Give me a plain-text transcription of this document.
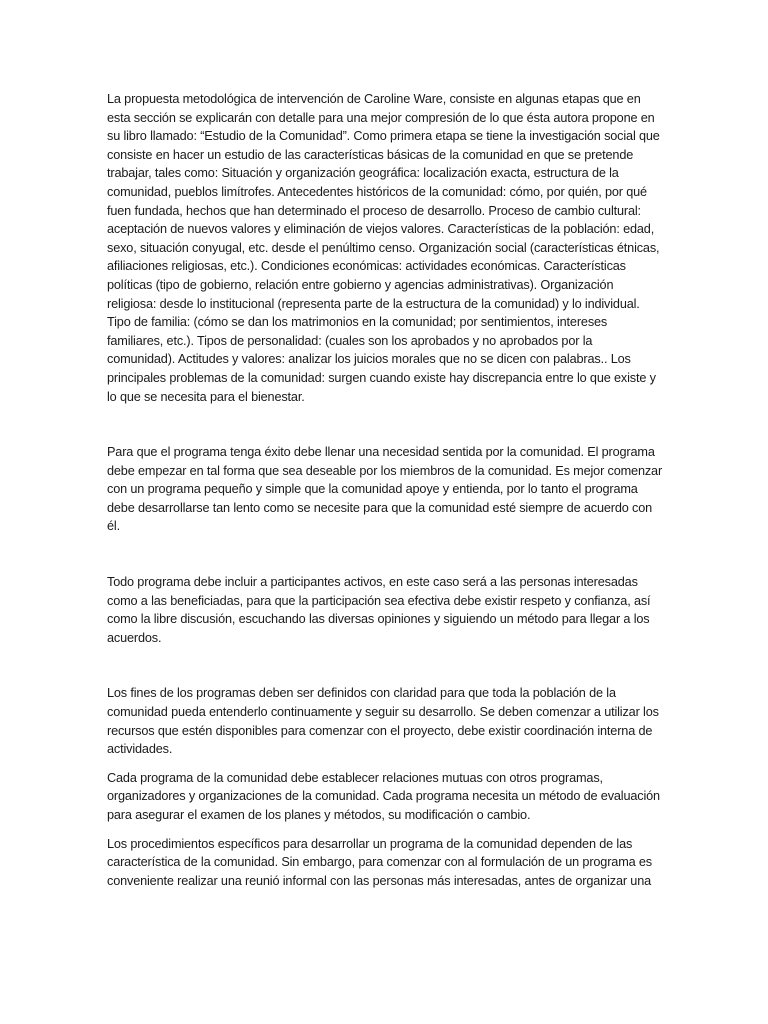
La propuesta metodológica de intervención de Caroline Ware, consiste en algunas etapas que en esta sección se explicarán con detalle para una mejor compresión de lo que ésta autora propone en su libro llamado: “Estudio de la Comunidad”. Como primera etapa se tiene la investigación social que consiste en hacer un estudio de las características básicas de la comunidad en que se pretende trabajar, tales como: Situación y organización geográfica: localización exacta, estructura de la comunidad, pueblos limítrofes. Antecedentes históricos de la comunidad: cómo, por quién, por qué fuen fundada, hechos que han determinado el proceso de desarrollo. Proceso de cambio cultural: aceptación de nuevos valores y eliminación de viejos valores. Características de la población: edad, sexo, situación conyugal, etc. desde el penúltimo censo. Organización social (características étnicas, afiliaciones religiosas, etc.). Condiciones económicas: actividades económicas. Características políticas (tipo de gobierno, relación entre gobierno y agencias administrativas). Organización religiosa: desde lo institucional (representa parte de la estructura de la comunidad) y lo individual. Tipo de familia: (cómo se dan los matrimonios en la comunidad; por sentimientos, intereses familiares, etc.). Tipos de personalidad: (cuales son los aprobados y no aprobados por la comunidad). Actitudes y valores: analizar los juicios morales que no se dicen con palabras.. Los principales problemas de la comunidad: surgen cuando existe hay discrepancia entre lo que existe y lo que se necesita para el bienestar.

Para que el programa tenga éxito debe llenar una necesidad sentida por la comunidad. El programa debe empezar en tal forma que sea deseable por los miembros de la comunidad. Es mejor comenzar con un programa pequeño y simple que la comunidad apoye y entienda, por lo tanto el programa debe desarrollarse tan lento como se necesite para que la comunidad esté siempre de acuerdo con él.

Todo programa debe incluir a participantes activos, en este caso será a las personas interesadas como a las beneficiadas, para que la participación sea efectiva debe existir respeto y confianza, así como la libre discusión, escuchando las diversas opiniones y siguiendo un método para llegar a los acuerdos.

Los fines de los programas deben ser definidos con claridad para que toda la población de la comunidad pueda entenderlo continuamente y seguir su desarrollo. Se deben comenzar a utilizar los recursos que estén disponibles para comenzar con el proyecto, debe existir coordinación interna de actividades.

Cada programa de la comunidad debe establecer relaciones mutuas con otros programas, organizadores y organizaciones de la comunidad. Cada programa necesita un método de evaluación para asegurar el examen de los planes y métodos, su modificación o cambio.

Los procedimientos específicos para desarrollar un programa de la comunidad dependen de las característica de la comunidad. Sin embargo, para comenzar con al formulación de un programa es conveniente realizar una reunió informal con las personas más interesadas, antes de organizar una
